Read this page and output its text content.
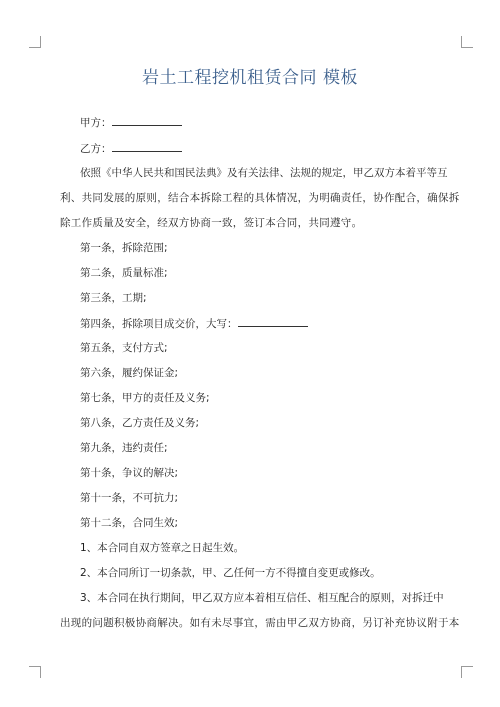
岩土工程挖机租赁合同 模板
甲方：
乙方：
依照《中华人民共和国民法典》及有关法律、法规的规定，甲乙双方本着平等互
利、共同发展的原则，结合本拆除工程的具体情况，为明确责任，协作配合，确保拆
除工作质量及安全，经双方协商一致，签订本合同，共同遵守。
第一条，拆除范围;
第二条，质量标准;
第三条，工期;
第四条，拆除项目成交价，大写：
第五条，支付方式;
第六条，履约保证金;
第七条，甲方的责任及义务;
第八条，乙方责任及义务;
第九条，违约责任;
第十条，争议的解决;
第十一条，不可抗力;
第十二条，合同生效;
1、本合同自双方签章之日起生效。
2、本合同所订一切条款，甲、乙任何一方不得擅自变更或修改。
3、本合同在执行期间，甲乙双方应本着相互信任、相互配合的原则，对拆迁中
出现的问题积极协商解决。如有未尽事宜，需由甲乙双方协商，另订补充协议附于本
